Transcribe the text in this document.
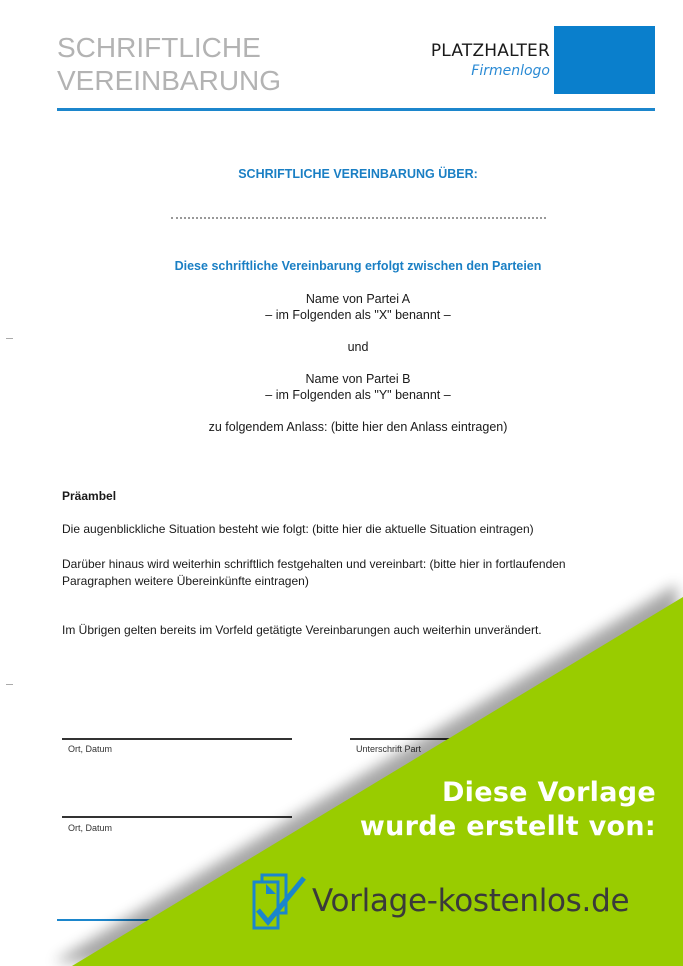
SCHRIFTLICHE
VEREINBARUNG
PLATZHALTER
Firmenlogo
SCHRIFTLICHE VEREINBARUNG ÜBER:
Diese schriftliche Vereinbarung erfolgt zwischen den Parteien
Name von Partei A
– im Folgenden als "X" benannt –
und
Name von Partei B
– im Folgenden als "Y" benannt –
zu folgendem Anlass: (bitte hier den Anlass eintragen)
Präambel
Die augenblickliche Situation besteht wie folgt: (bitte hier die aktuelle Situation eintragen)
Darüber hinaus wird weiterhin schriftlich festgehalten und vereinbart: (bitte hier in fortlaufenden
Paragraphen weitere Übereinkünfte eintragen)
Im Übrigen gelten bereits im Vorfeld getätigte Vereinbarungen auch weiterhin unverändert.
Ort, Datum	Unterschrift Part
Ort, Datum
Diese Vorlage
wurde erstellt von:
Vorlage-kostenlos.de
